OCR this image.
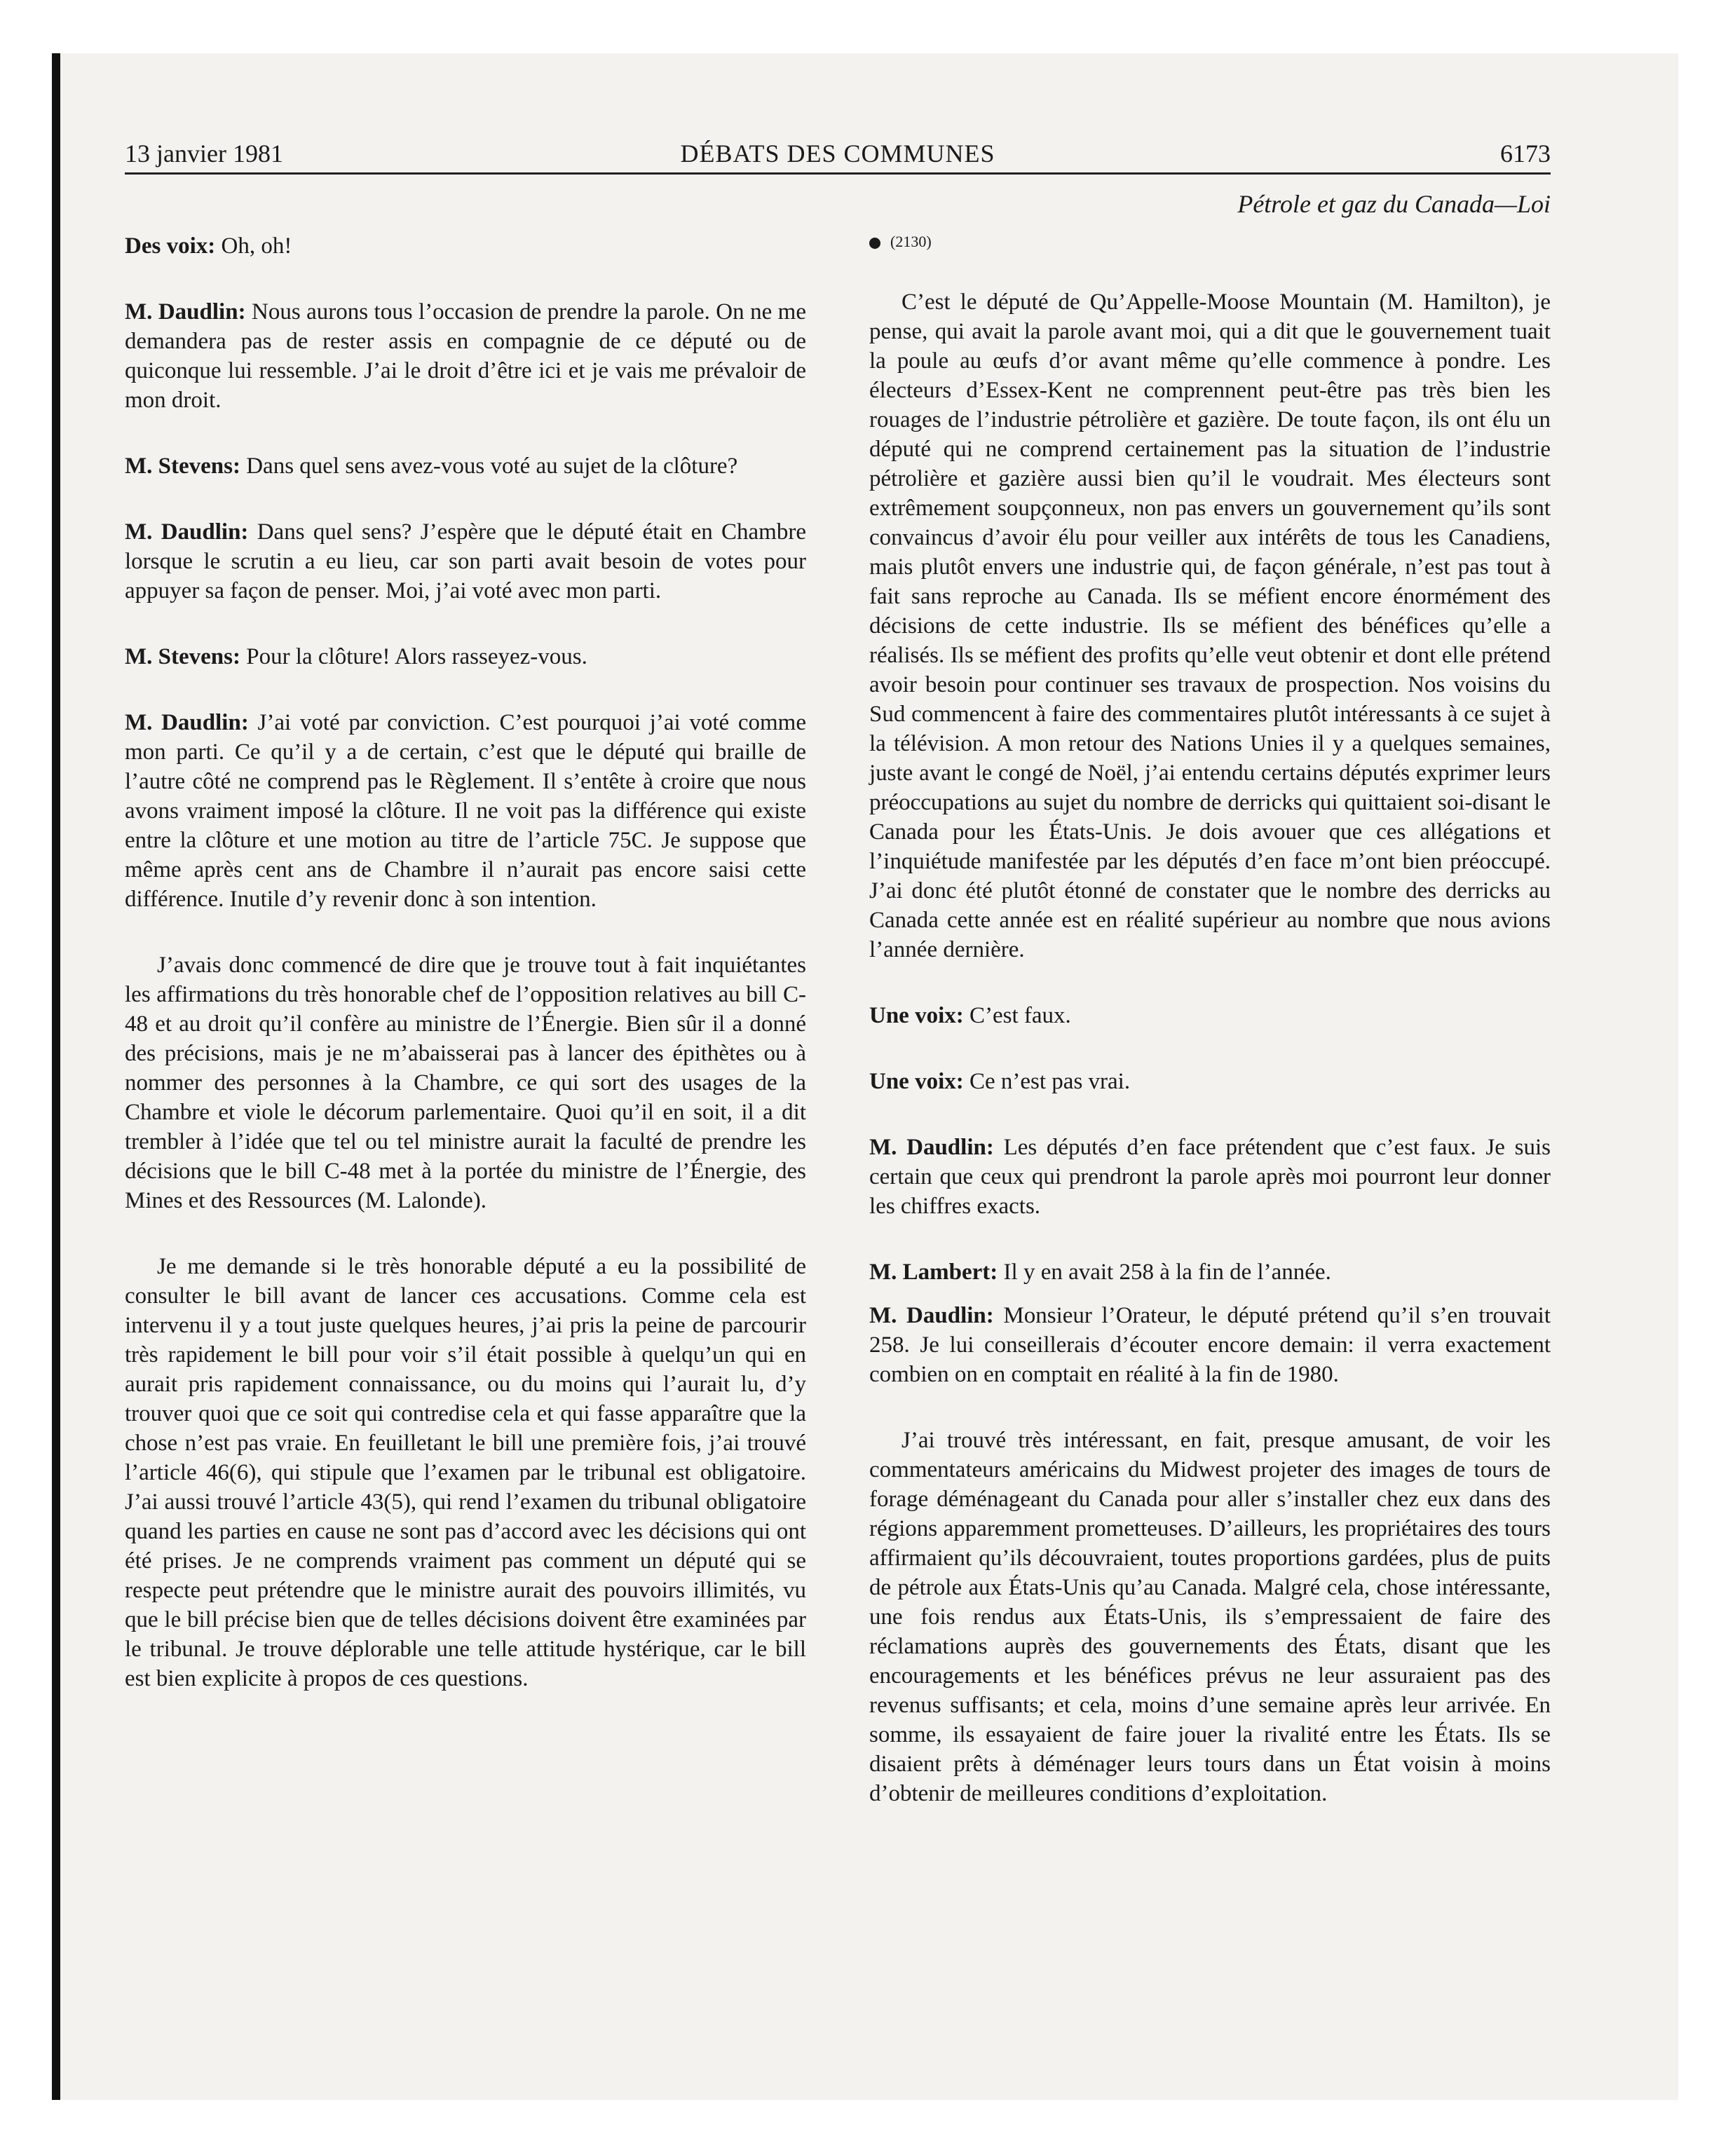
13 janvier 1981	DÉBATS DES COMMUNES	6173
Pétrole et gaz du Canada—Loi

Des voix: Oh, oh!

M. Daudlin: Nous aurons tous l’occasion de prendre la parole. On ne me demandera pas de rester assis en compagnie de ce député ou de quiconque lui ressemble. J’ai le droit d’être ici et je vais me prévaloir de mon droit.

M. Stevens: Dans quel sens avez-vous voté au sujet de la clôture?

M. Daudlin: Dans quel sens? J’espère que le député était en Chambre lorsque le scrutin a eu lieu, car son parti avait besoin de votes pour appuyer sa façon de penser. Moi, j’ai voté avec mon parti.

M. Stevens: Pour la clôture! Alors rasseyez-vous.

M. Daudlin: J’ai voté par conviction. C’est pourquoi j’ai voté comme mon parti. Ce qu’il y a de certain, c’est que le député qui braille de l’autre côté ne comprend pas le Règlement. Il s’entête à croire que nous avons vraiment imposé la clôture. Il ne voit pas la différence qui existe entre la clôture et une motion au titre de l’article 75C. Je suppose que même après cent ans de Chambre il n’aurait pas encore saisi cette différence. Inutile d’y revenir donc à son intention.

J’avais donc commencé de dire que je trouve tout à fait inquiétantes les affirmations du très honorable chef de l’opposition relatives au bill C-48 et au droit qu’il confère au ministre de l’Énergie. Bien sûr il a donné des précisions, mais je ne m’abaisserai pas à lancer des épithètes ou à nommer des personnes à la Chambre, ce qui sort des usages de la Chambre et viole le décorum parlementaire. Quoi qu’il en soit, il a dit trembler à l’idée que tel ou tel ministre aurait la faculté de prendre les décisions que le bill C-48 met à la portée du ministre de l’Énergie, des Mines et des Ressources (M. Lalonde).

Je me demande si le très honorable député a eu la possibilité de consulter le bill avant de lancer ces accusations. Comme cela est intervenu il y a tout juste quelques heures, j’ai pris la peine de parcourir très rapidement le bill pour voir s’il était possible à quelqu’un qui en aurait pris rapidement connaissance, ou du moins qui l’aurait lu, d’y trouver quoi que ce soit qui contredise cela et qui fasse apparaître que la chose n’est pas vraie. En feuilletant le bill une première fois, j’ai trouvé l’article 46(6), qui stipule que l’examen par le tribunal est obligatoire. J’ai aussi trouvé l’article 43(5), qui rend l’examen du tribunal obligatoire quand les parties en cause ne sont pas d’accord avec les décisions qui ont été prises. Je ne comprends vraiment pas comment un député qui se respecte peut prétendre que le ministre aurait des pouvoirs illimités, vu que le bill précise bien que de telles décisions doivent être examinées par le tribunal. Je trouve déplorable une telle attitude hystérique, car le bill est bien explicite à propos de ces questions.

(2130)

C’est le député de Qu’Appelle-Moose Mountain (M. Hamilton), je pense, qui avait la parole avant moi, qui a dit que le gouvernement tuait la poule au œufs d’or avant même qu’elle commence à pondre. Les électeurs d’Essex-Kent ne comprennent peut-être pas très bien les rouages de l’industrie pétrolière et gazière. De toute façon, ils ont élu un député qui ne comprend certainement pas la situation de l’industrie pétrolière et gazière aussi bien qu’il le voudrait. Mes électeurs sont extrêmement soupçonneux, non pas envers un gouvernement qu’ils sont convaincus d’avoir élu pour veiller aux intérêts de tous les Canadiens, mais plutôt envers une industrie qui, de façon générale, n’est pas tout à fait sans reproche au Canada. Ils se méfient encore énormément des décisions de cette industrie. Ils se méfient des bénéfices qu’elle a réalisés. Ils se méfient des profits qu’elle veut obtenir et dont elle prétend avoir besoin pour continuer ses travaux de prospection. Nos voisins du Sud commencent à faire des commentaires plutôt intéressants à ce sujet à la télévision. A mon retour des Nations Unies il y a quelques semaines, juste avant le congé de Noël, j’ai entendu certains députés exprimer leurs préoccupations au sujet du nombre de derricks qui quittaient soi-disant le Canada pour les États-Unis. Je dois avouer que ces allégations et l’inquiétude manifestée par les députés d’en face m’ont bien préoccupé. J’ai donc été plutôt étonné de constater que le nombre des derricks au Canada cette année est en réalité supérieur au nombre que nous avions l’année dernière.

Une voix: C’est faux.

Une voix: Ce n’est pas vrai.

M. Daudlin: Les députés d’en face prétendent que c’est faux. Je suis certain que ceux qui prendront la parole après moi pourront leur donner les chiffres exacts.

M. Lambert: Il y en avait 258 à la fin de l’année.

M. Daudlin: Monsieur l’Orateur, le député prétend qu’il s’en trouvait 258. Je lui conseillerais d’écouter encore demain: il verra exactement combien on en comptait en réalité à la fin de 1980.

J’ai trouvé très intéressant, en fait, presque amusant, de voir les commentateurs américains du Midwest projeter des images de tours de forage déménageant du Canada pour aller s’installer chez eux dans des régions apparemment prometteuses. D’ailleurs, les propriétaires des tours affirmaient qu’ils découvraient, toutes proportions gardées, plus de puits de pétrole aux États-Unis qu’au Canada. Malgré cela, chose intéressante, une fois rendus aux États-Unis, ils s’empressaient de faire des réclamations auprès des gouvernements des États, disant que les encouragements et les bénéfices prévus ne leur assuraient pas des revenus suffisants; et cela, moins d’une semaine après leur arrivée. En somme, ils essayaient de faire jouer la rivalité entre les États. Ils se disaient prêts à déménager leurs tours dans un État voisin à moins d’obtenir de meilleures conditions d’exploitation.
